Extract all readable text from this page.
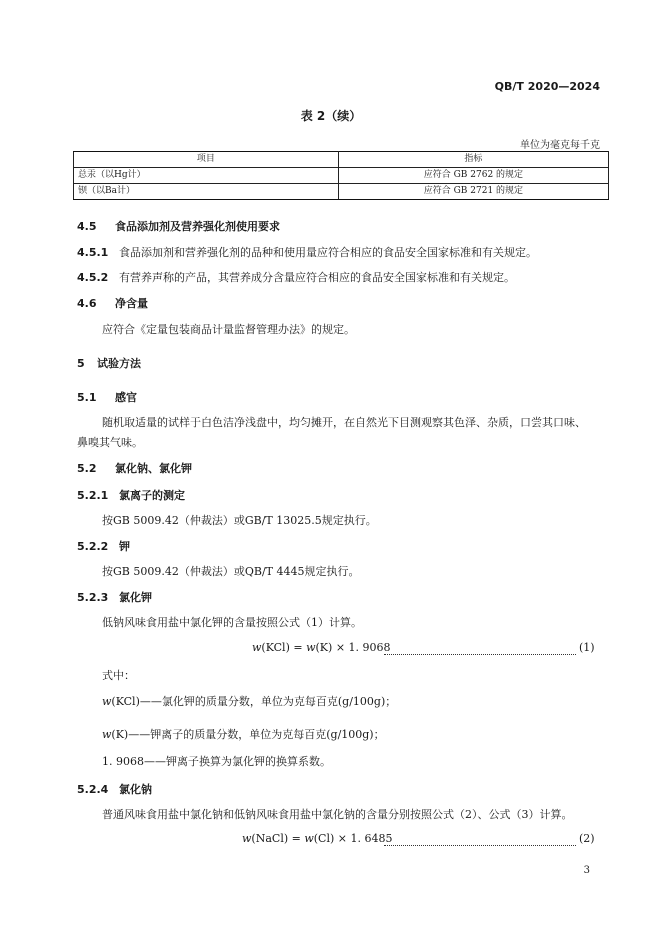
QB/T 2020—2024
表 2（续）
单位为毫克每千克
项目	指标
总汞（以Hg计）	应符合 GB 2762 的规定
钡（以Ba计）	应符合 GB 2721 的规定
4.5 食品添加剂及营养强化剂使用要求
4.5.1 食品添加剂和营养强化剂的品种和使用量应符合相应的食品安全国家标准和有关规定。
4.5.2 有营养声称的产品，其营养成分含量应符合相应的食品安全国家标准和有关规定。
4.6 净含量
应符合《定量包装商品计量监督管理办法》的规定。
5 试验方法
5.1 感官
随机取适量的试样于白色洁净浅盘中，均匀摊开，在自然光下目测观察其色泽、杂质，口尝其口味、
鼻嗅其气味。
5.2 氯化钠、氯化钾
5.2.1 氯离子的测定
按GB 5009.42（仲裁法）或GB/T 13025.5规定执行。
5.2.2 钾
按GB 5009.42（仲裁法）或QB/T 4445规定执行。
5.2.3 氯化钾
低钠风味食用盐中氯化钾的含量按照公式（1）计算。
w(KCl) = w(K) × 1. 9068	(1)
式中：
w(KCl)——氯化钾的质量分数，单位为克每百克(g/100g)；
w(K)——钾离子的质量分数，单位为克每百克(g/100g)；
1. 9068——钾离子换算为氯化钾的换算系数。
5.2.4 氯化钠
普通风味食用盐中氯化钠和低钠风味食用盐中氯化钠的含量分别按照公式（2）、公式（3）计算。
w(NaCl) = w(Cl) × 1. 6485	(2)
3
